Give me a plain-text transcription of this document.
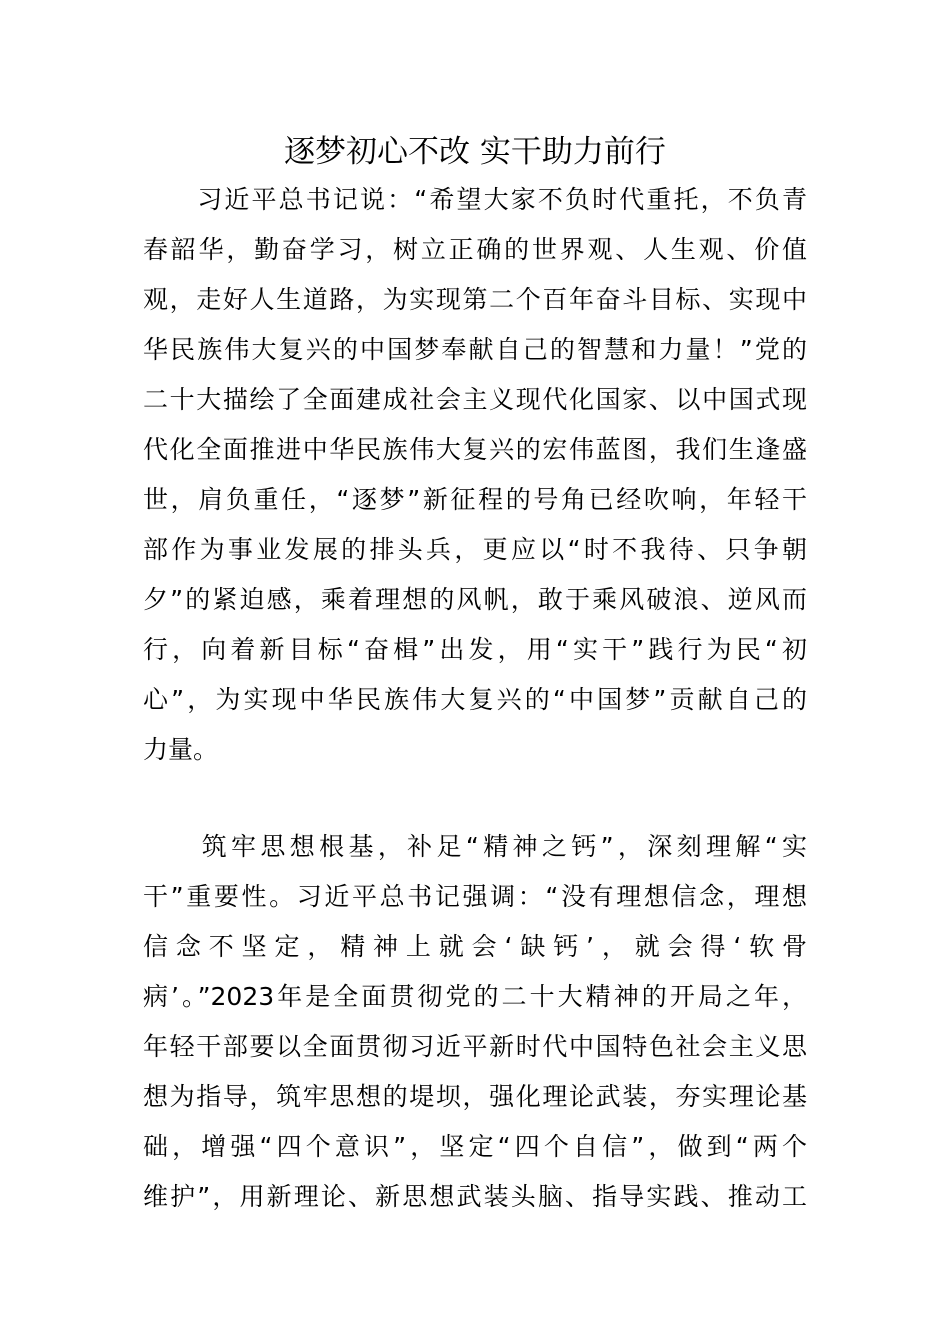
逐梦初心不改 实干助力前行
　　习近平总书记说：“希望大家不负时代重托，不负青
春韶华，勤奋学习，树立正确的世界观、人生观、价值
观，走好人生道路，为实现第二个百年奋斗目标、实现中
华民族伟大复兴的中国梦奉献自己的智慧和力量！”党的
二十大描绘了全面建成社会主义现代化国家、以中国式现
代化全面推进中华民族伟大复兴的宏伟蓝图，我们生逢盛
世，肩负重任，“逐梦”新征程的号角已经吹响，年轻干
部作为事业发展的排头兵，更应以“时不我待、只争朝
夕”的紧迫感，乘着理想的风帆，敢于乘风破浪、逆风而
行，向着新目标“奋楫”出发，用“实干”践行为民“初
心”，为实现中华民族伟大复兴的“中国梦”贡献自己的
力量。
　　筑牢思想根基，补足“精神之钙”，深刻理解“实
干”重要性。习近平总书记强调：“没有理想信念，理想
信念不坚定，精神上就会‘缺钙’，就会得‘软骨
病’。”2023年是全面贯彻党的二十大精神的开局之年，
年轻干部要以全面贯彻习近平新时代中国特色社会主义思
想为指导，筑牢思想的堤坝，强化理论武装，夯实理论基
础，增强“四个意识”，坚定“四个自信”，做到“两个
维护”，用新理论、新思想武装头脑、指导实践、推动工
